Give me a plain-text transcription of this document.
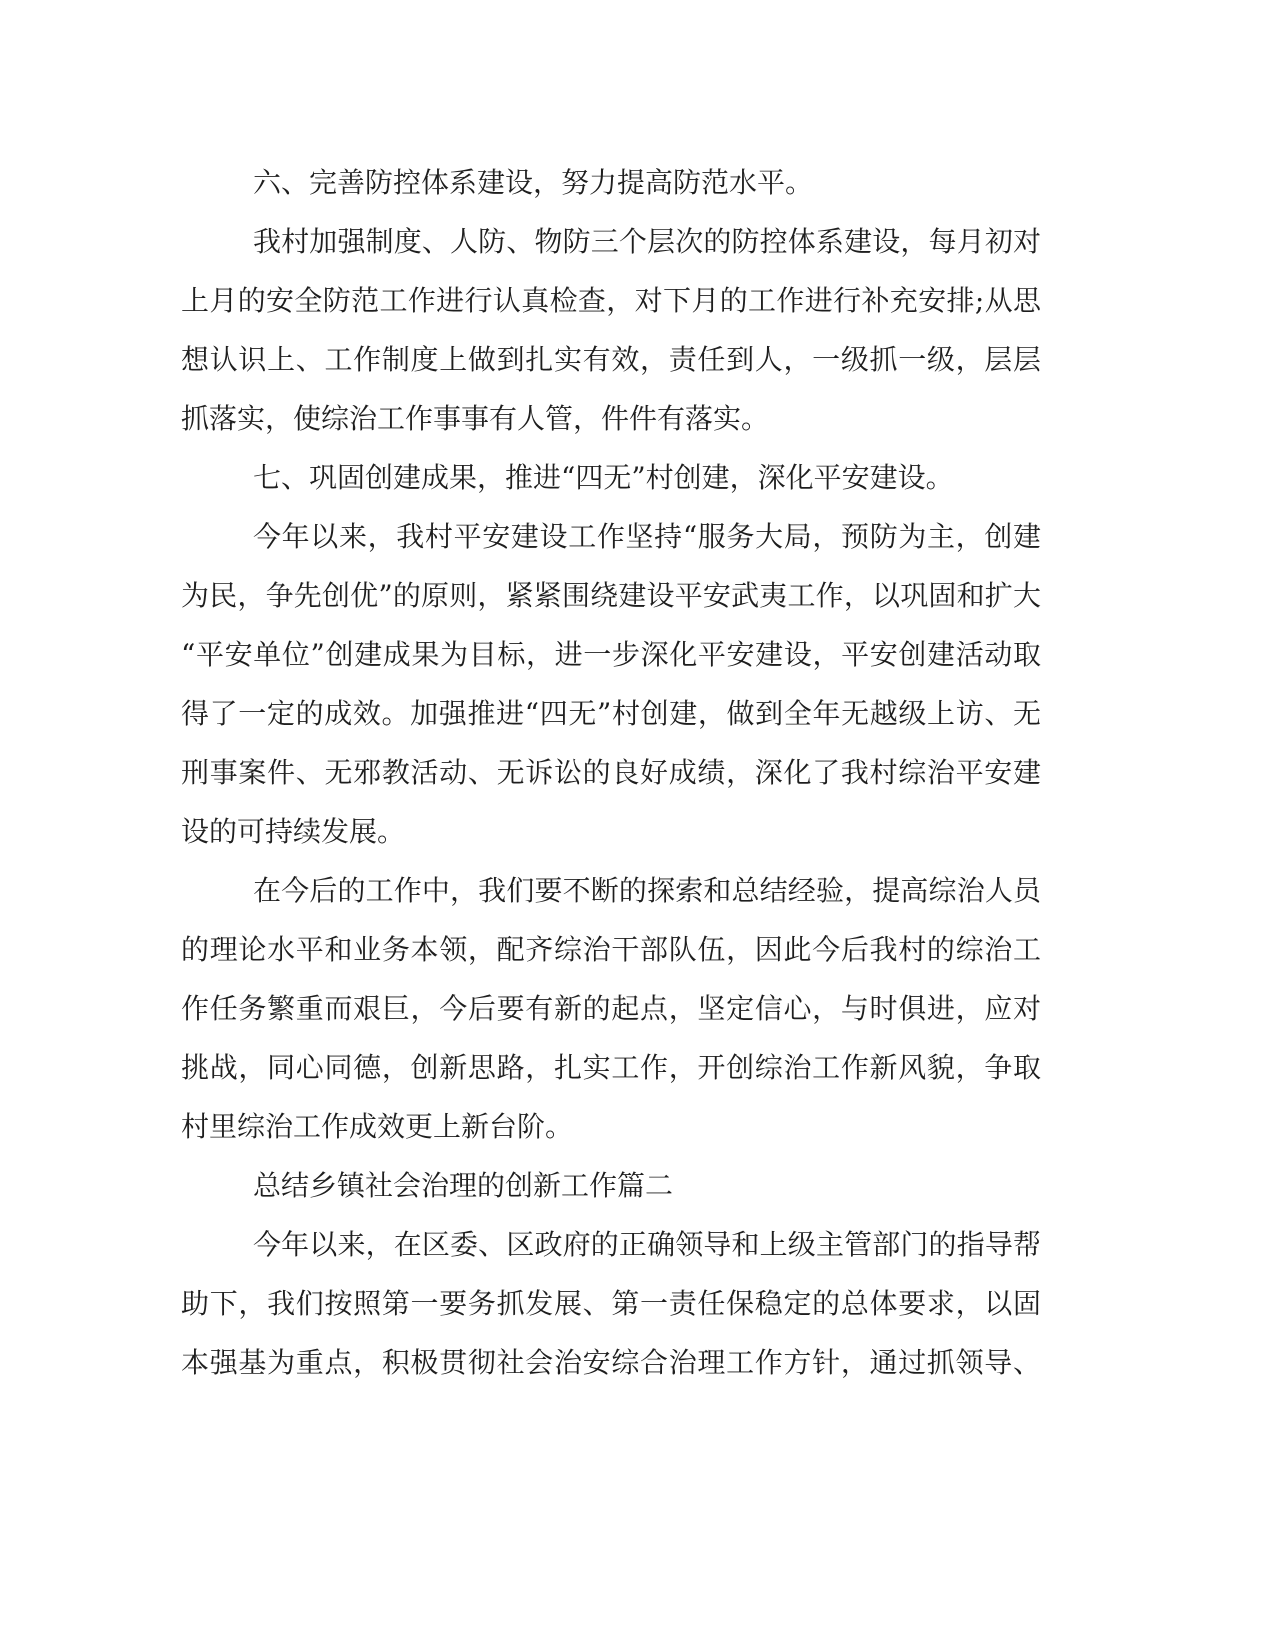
六、完善防控体系建设，努力提高防范水平。
我村加强制度、人防、物防三个层次的防控体系建设，每月初对
上月的安全防范工作进行认真检查，对下月的工作进行补充安排;从思
想认识上、工作制度上做到扎实有效，责任到人，一级抓一级，层层
抓落实，使综治工作事事有人管，件件有落实。
七、巩固创建成果，推进“四无”村创建，深化平安建设。
今年以来，我村平安建设工作坚持“服务大局，预防为主，创建
为民，争先创优”的原则，紧紧围绕建设平安武夷工作，以巩固和扩大
“平安单位”创建成果为目标，进一步深化平安建设，平安创建活动取
得了一定的成效。加强推进“四无”村创建，做到全年无越级上访、无
刑事案件、无邪教活动、无诉讼的良好成绩，深化了我村综治平安建
设的可持续发展。
在今后的工作中，我们要不断的探索和总结经验，提高综治人员
的理论水平和业务本领，配齐综治干部队伍，因此今后我村的综治工
作任务繁重而艰巨，今后要有新的起点，坚定信心，与时俱进，应对
挑战，同心同德，创新思路，扎实工作，开创综治工作新风貌，争取
村里综治工作成效更上新台阶。
总结乡镇社会治理的创新工作篇二
今年以来，在区委、区政府的正确领导和上级主管部门的指导帮
助下，我们按照第一要务抓发展、第一责任保稳定的总体要求，以固
本强基为重点，积极贯彻社会治安综合治理工作方针，通过抓领导、
